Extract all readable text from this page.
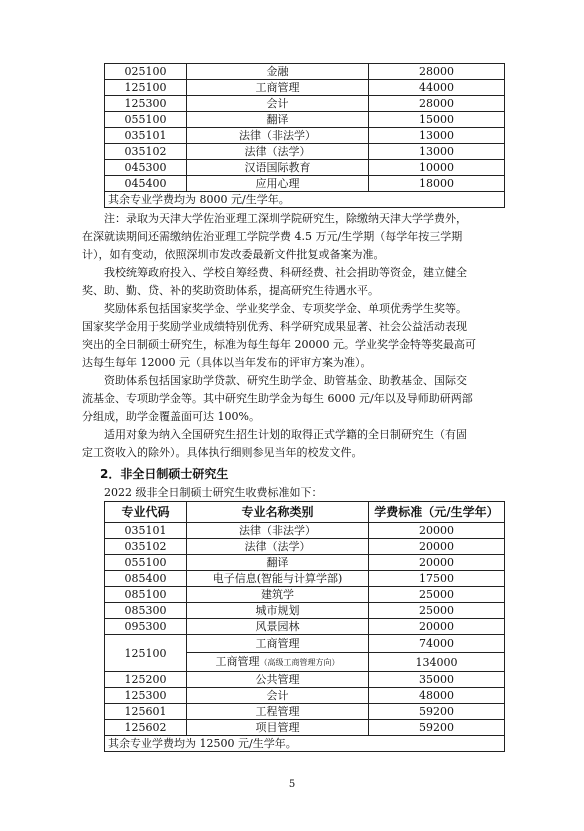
025100	金融	28000
125100	工商管理	44000
125300	会计	28000
055100	翻译	15000
035101	法律（非法学）	13000
035102	法律（法学）	13000
045300	汉语国际教育	10000
045400	应用心理	18000
其余专业学费均为 8000 元/生学年。		
注：录取为天津大学佐治亚理工深圳学院研究生，除缴纳天津大学学费外，
在深就读期间还需缴纳佐治亚理工学院学费 4.5 万元/生学期（每学年按三学期
计），如有变动，依照深圳市发改委最新文件批复或备案为准。
我校统筹政府投入、学校自筹经费、科研经费、社会捐助等资金，建立健全
奖、助、勤、贷、补的奖助资助体系，提高研究生待遇水平。
奖励体系包括国家奖学金、学业奖学金、专项奖学金、单项优秀学生奖等。
国家奖学金用于奖励学业成绩特别优秀、科学研究成果显著、社会公益活动表现
突出的全日制硕士研究生，标准为每生每年 20000 元。学业奖学金特等奖最高可
达每生每年 12000 元（具体以当年发布的评审方案为准）。
资助体系包括国家助学贷款、研究生助学金、助管基金、助教基金、国际交
流基金、专项助学金等。其中研究生助学金为每生 6000 元/年以及导师助研两部
分组成，助学金覆盖面可达 100%。
适用对象为纳入全国研究生招生计划的取得正式学籍的全日制研究生（有固
定工资收入的除外）。具体执行细则参见当年的校发文件。
2．非全日制硕士研究生
2022 级非全日制硕士研究生收费标准如下：
专业代码	专业名称类别	学费标准（元/生学年）
035101	法律（非法学）	20000
035102	法律（法学）	20000
055100	翻译	20000
085400	电子信息(智能与计算学部)	17500
085100	建筑学	25000
085300	城市规划	25000
095300	风景园林	20000
125100	工商管理	74000
	工商管理（高级工商管理方向）	134000
125200	公共管理	35000
125300	会计	48000
125601	工程管理	59200
125602	项目管理	59200
其余专业学费均为 12500 元/生学年。		
5
